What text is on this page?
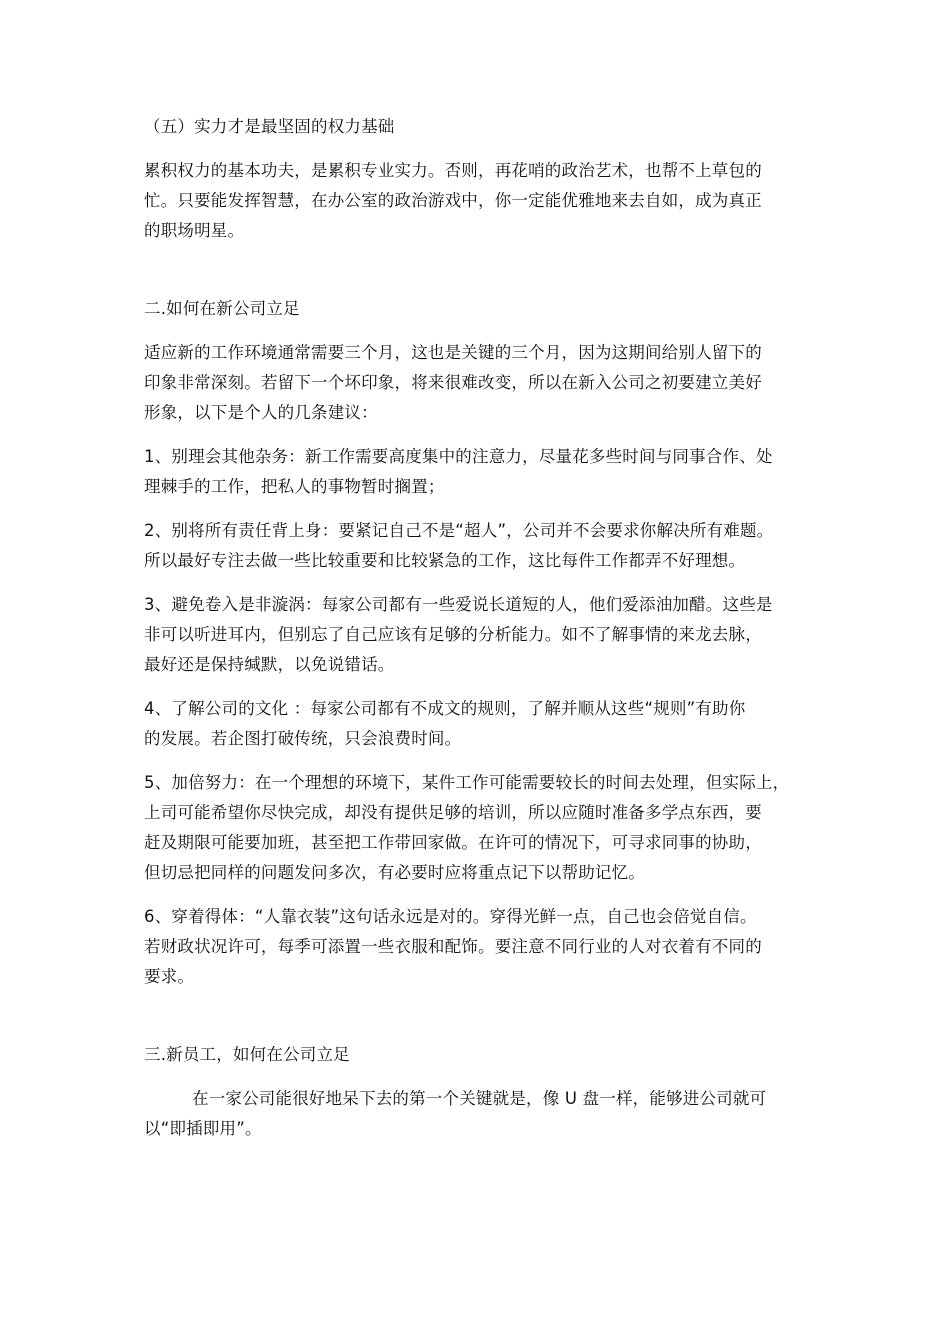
（五）实力才是最坚固的权力基础
累积权力的基本功夫，是累积专业实力。否则，再花哨的政治艺术，也帮不上草包的
忙。只要能发挥智慧，在办公室的政治游戏中，你一定能优雅地来去自如，成为真正
的职场明星。
二.如何在新公司立足
适应新的工作环境通常需要三个月，这也是关键的三个月，因为这期间给别人留下的
印象非常深刻。若留下一个坏印象，将来很难改变，所以在新入公司之初要建立美好
形象，以下是个人的几条建议：
1、别理会其他杂务：新工作需要高度集中的注意力，尽量花多些时间与同事合作、处
理棘手的工作，把私人的事物暂时搁置；
2、别将所有责任背上身：要紧记自己不是“超人”，公司并不会要求你解决所有难题。
所以最好专注去做一些比较重要和比较紧急的工作，这比每件工作都弄不好理想。
3、避免卷入是非漩涡：每家公司都有一些爱说长道短的人，他们爱添油加醋。这些是
非可以听进耳内，但别忘了自己应该有足够的分析能力。如不了解事情的来龙去脉，
最好还是保持缄默，以免说错话。
4、了解公司的文化 ：每家公司都有不成文的规则，了解并顺从这些“规则”有助你
的发展。若企图打破传统，只会浪费时间。
5、加倍努力：在一个理想的环境下，某件工作可能需要较长的时间去处理，但实际上，
上司可能希望你尽快完成，却没有提供足够的培训，所以应随时准备多学点东西，要
赶及期限可能要加班，甚至把工作带回家做。在许可的情况下，可寻求同事的协助，
但切忌把同样的问题发问多次，有必要时应将重点记下以帮助记忆。
6、穿着得体：“人靠衣装”这句话永远是对的。穿得光鲜一点，自己也会倍觉自信。
若财政状况许可，每季可添置一些衣服和配饰。要注意不同行业的人对衣着有不同的
要求。
三.新员工，如何在公司立足
在一家公司能很好地呆下去的第一个关键就是，像 U 盘一样，能够进公司就可
以“即插即用”。
